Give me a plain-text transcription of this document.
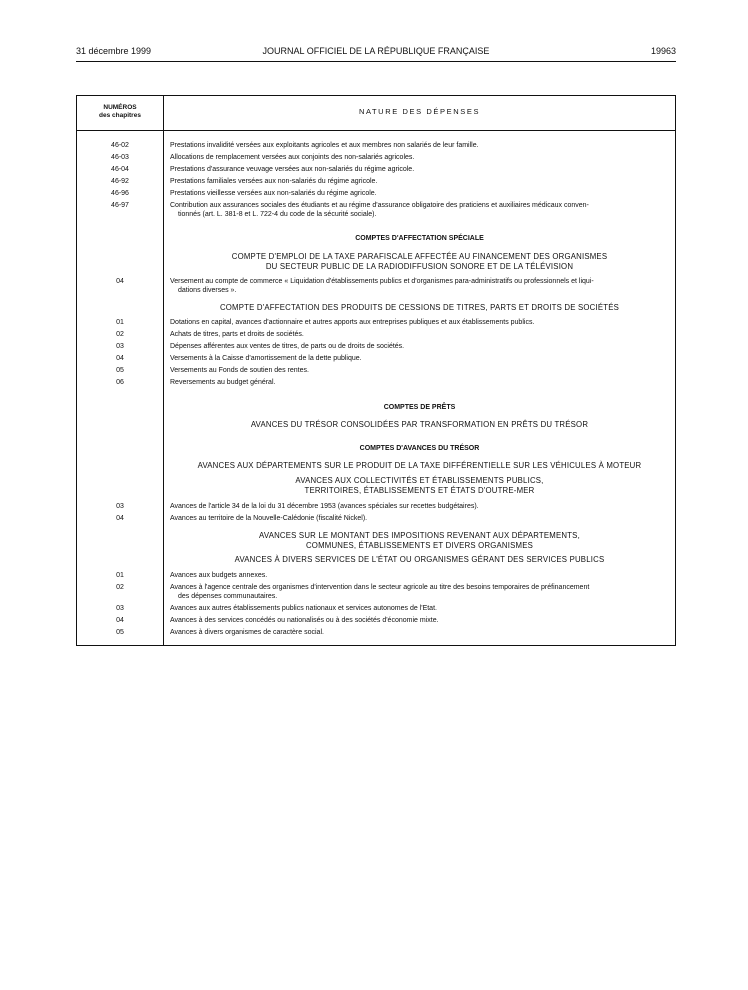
31 décembre 1999	JOURNAL OFFICIEL DE LA RÉPUBLIQUE FRANÇAISE	19963
NUMÉROS
des chapitres	NATURE DES DÉPENSES
46-02	Prestations invalidité versées aux exploitants agricoles et aux membres non salariés de leur famille.
46-03	Allocations de remplacement versées aux conjoints des non-salariés agricoles.
46-04	Prestations d'assurance veuvage versées aux non-salariés du régime agricole.
46-92	Prestations familiales versées aux non-salariés du régime agricole.
46-96	Prestations vieillesse versées aux non-salariés du régime agricole.
46-97	Contribution aux assurances sociales des étudiants et au régime d'assurance obligatoire des praticiens et auxiliaires médicaux conven-
tionnés (art. L. 381-8 et L. 722-4 du code de la sécurité sociale).
COMPTES D'AFFECTATION SPÉCIALE
COMPTE D'EMPLOI DE LA TAXE PARAFISCALE AFFECTÉE AU FINANCEMENT DES ORGANISMES
DU SECTEUR PUBLIC DE LA RADIODIFFUSION SONORE ET DE LA TÉLÉVISION
04	Versement au compte de commerce « Liquidation d'établissements publics et d'organismes para-administratifs ou professionnels et liqui-
dations diverses ».
COMPTE D'AFFECTATION DES PRODUITS DE CESSIONS DE TITRES, PARTS ET DROITS DE SOCIÉTÉS
01	Dotations en capital, avances d'actionnaire et autres apports aux entreprises publiques et aux établissements publics.
02	Achats de titres, parts et droits de sociétés.
03	Dépenses afférentes aux ventes de titres, de parts ou de droits de sociétés.
04	Versements à la Caisse d'amortissement de la dette publique.
05	Versements au Fonds de soutien des rentes.
06	Reversements au budget général.
COMPTES DE PRÊTS
AVANCES DU TRÉSOR CONSOLIDÉES PAR TRANSFORMATION EN PRÊTS DU TRÉSOR
COMPTES D'AVANCES DU TRÉSOR
AVANCES AUX DÉPARTEMENTS SUR LE PRODUIT DE LA TAXE DIFFÉRENTIELLE SUR LES VÉHICULES À MOTEUR
AVANCES AUX COLLECTIVITÉS ET ÉTABLISSEMENTS PUBLICS,
TERRITOIRES, ÉTABLISSEMENTS ET ÉTATS D'OUTRE-MER
03	Avances de l'article 34 de la loi du 31 décembre 1953 (avances spéciales sur recettes budgétaires).
04	Avances au territoire de la Nouvelle-Calédonie (fiscalité Nickel).
AVANCES SUR LE MONTANT DES IMPOSITIONS REVENANT AUX DÉPARTEMENTS,
COMMUNES, ÉTABLISSEMENTS ET DIVERS ORGANISMES
AVANCES À DIVERS SERVICES DE L'ÉTAT OU ORGANISMES GÉRANT DES SERVICES PUBLICS
01	Avances aux budgets annexes.
02	Avances à l'agence centrale des organismes d'intervention dans le secteur agricole au titre des besoins temporaires de préfinancement
des dépenses communautaires.
03	Avances aux autres établissements publics nationaux et services autonomes de l'Etat.
04	Avances à des services concédés ou nationalisés ou à des sociétés d'économie mixte.
05	Avances à divers organismes de caractère social.
